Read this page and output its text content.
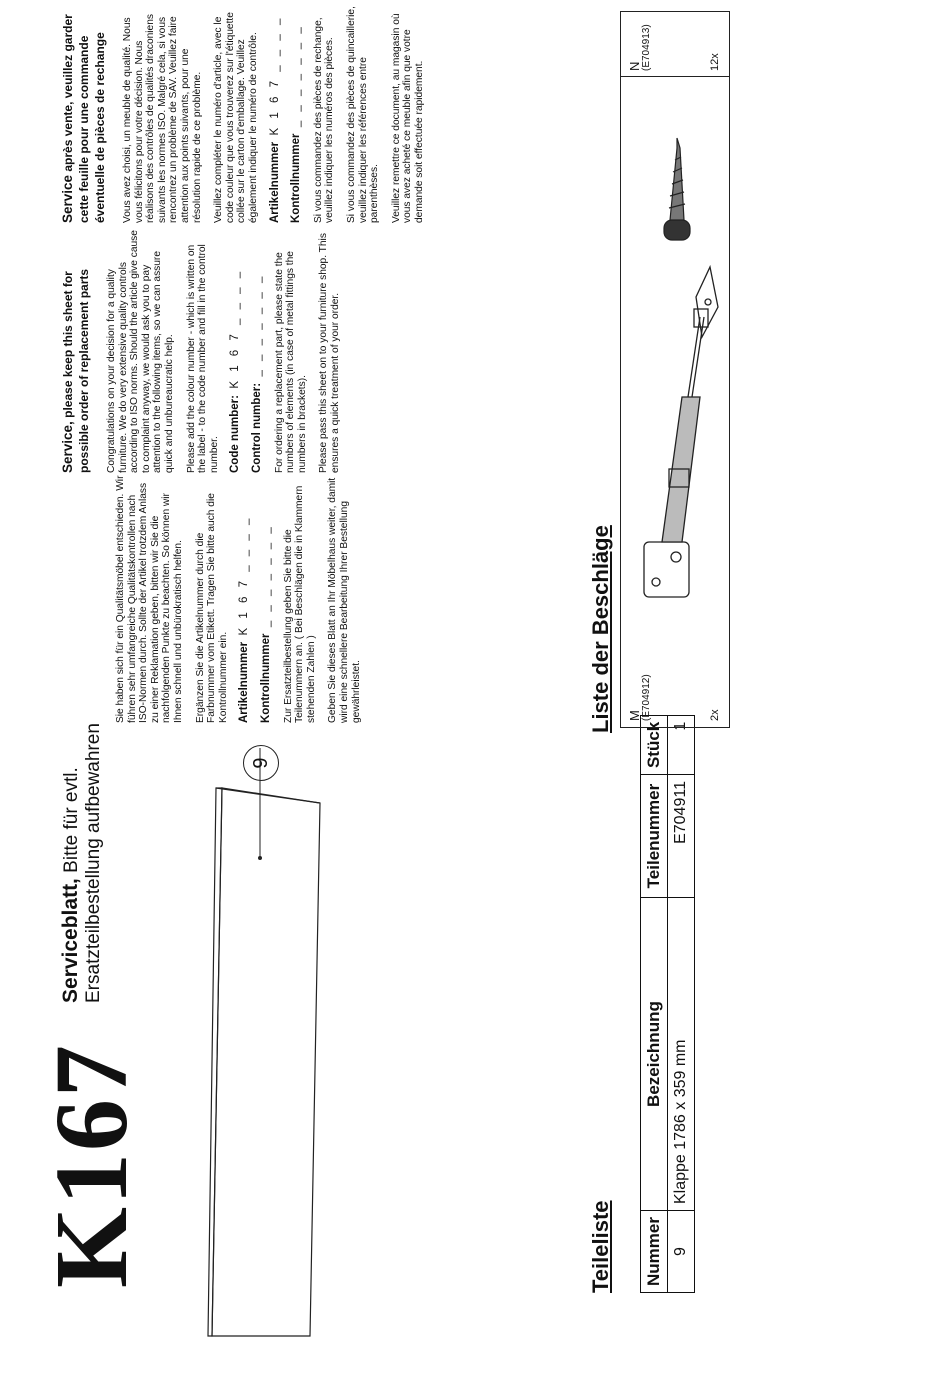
K167
Serviceblatt, Bitte für evtl. Ersatzteilbestellung aufbewahren	9

Sie haben sich für ein Qualitätsmöbel entschieden. Wir führen sehr umfangreiche Qualitätskontrollen nach ISO-Normen durch. Sollte der Artikel trotzdem Anlass zu einer Reklamation geben, bitten wir Sie die nachfolgenden Punkte zu beachten. So können wir Ihnen schnell und unbürokratisch helfen. Ergänzen Sie die Artikelnummer durch die Farbnummer vom Etikett. Tragen Sie bitte auch die Kontrollnummer ein. Artikelnummer  K 1 6 7 _ _ _ _

Kontrollnummer  _ _ _ _ _ _ _ Zur Ersatzteilbestellung geben Sie bitte die Teilenummern an. ( Bei Beschlägen die in Klammern stehenden Zahlen ) Geben Sie dieses Blatt an Ihr Möbelhaus weiter, damit wird eine schnellere Bearbeitung Ihrer Bestellung gewährleistet.

Service, please keep this sheet for possible order of replacement parts Congratulations on your decision for a quality furniture. We do very extensive quality controls according to ISO norms. Should the article give cause to complaint anyway, we would ask you to pay attention to the following items, so we can assure quick and unbureaucratic help. Please add the colour number - which is written on the label - to the code number and fill in the control number. Code number:  K 1 6 7 _ _ _ _

Control number:  _ _ _ _ _ _ _ For ordering a replacement part, please state the numbers of elements (in case of metal fittings the numbers in brackets). Please pass this sheet on to your furniture shop. This ensures a quick treatment of your order.

Service après vente, veuillez garder cette feuille pour une commande éventuelle de pièces de rechange Vous avez choisi, un meuble de qualité. Nous vous félicitons pour votre décision. Nous réalisons des contrôles de qualités draconiens suivants les normes ISO. Malgré cela, si vous rencontrez un problème de SAV. Veuillez faire attention aux points suivants, pour une résolution rapide de ce problème. Veuillez compléter le numéro d'article, avec le code couleur que vous trouverez sur l'étiquette collée sur le carton d'emballage. Veuillez également indiquer le numéro de contrôle. Artikelnummer  K 1 6 7 _ _ _ _

Kontrollnummer  _ _ _ _ _ _ _ Si vous commandez des pièces de rechange, veuillez indiquer les numéros des pièces. Si vous commandez des pièces de quincaillerie, veuillez indiquer les références entre parenthèses. Veuillez remettre ce document, au magasin où vous avez acheté ce meuble afin que votre demande soit effectuée rapidement.

Teileliste Nummer	Bezeichnung	Teilenummer	Stück
9	Klappe 1786 x 359 mm	E704911	1
Liste der Beschläge M (E704912)	2x
N (E704913)	12x
